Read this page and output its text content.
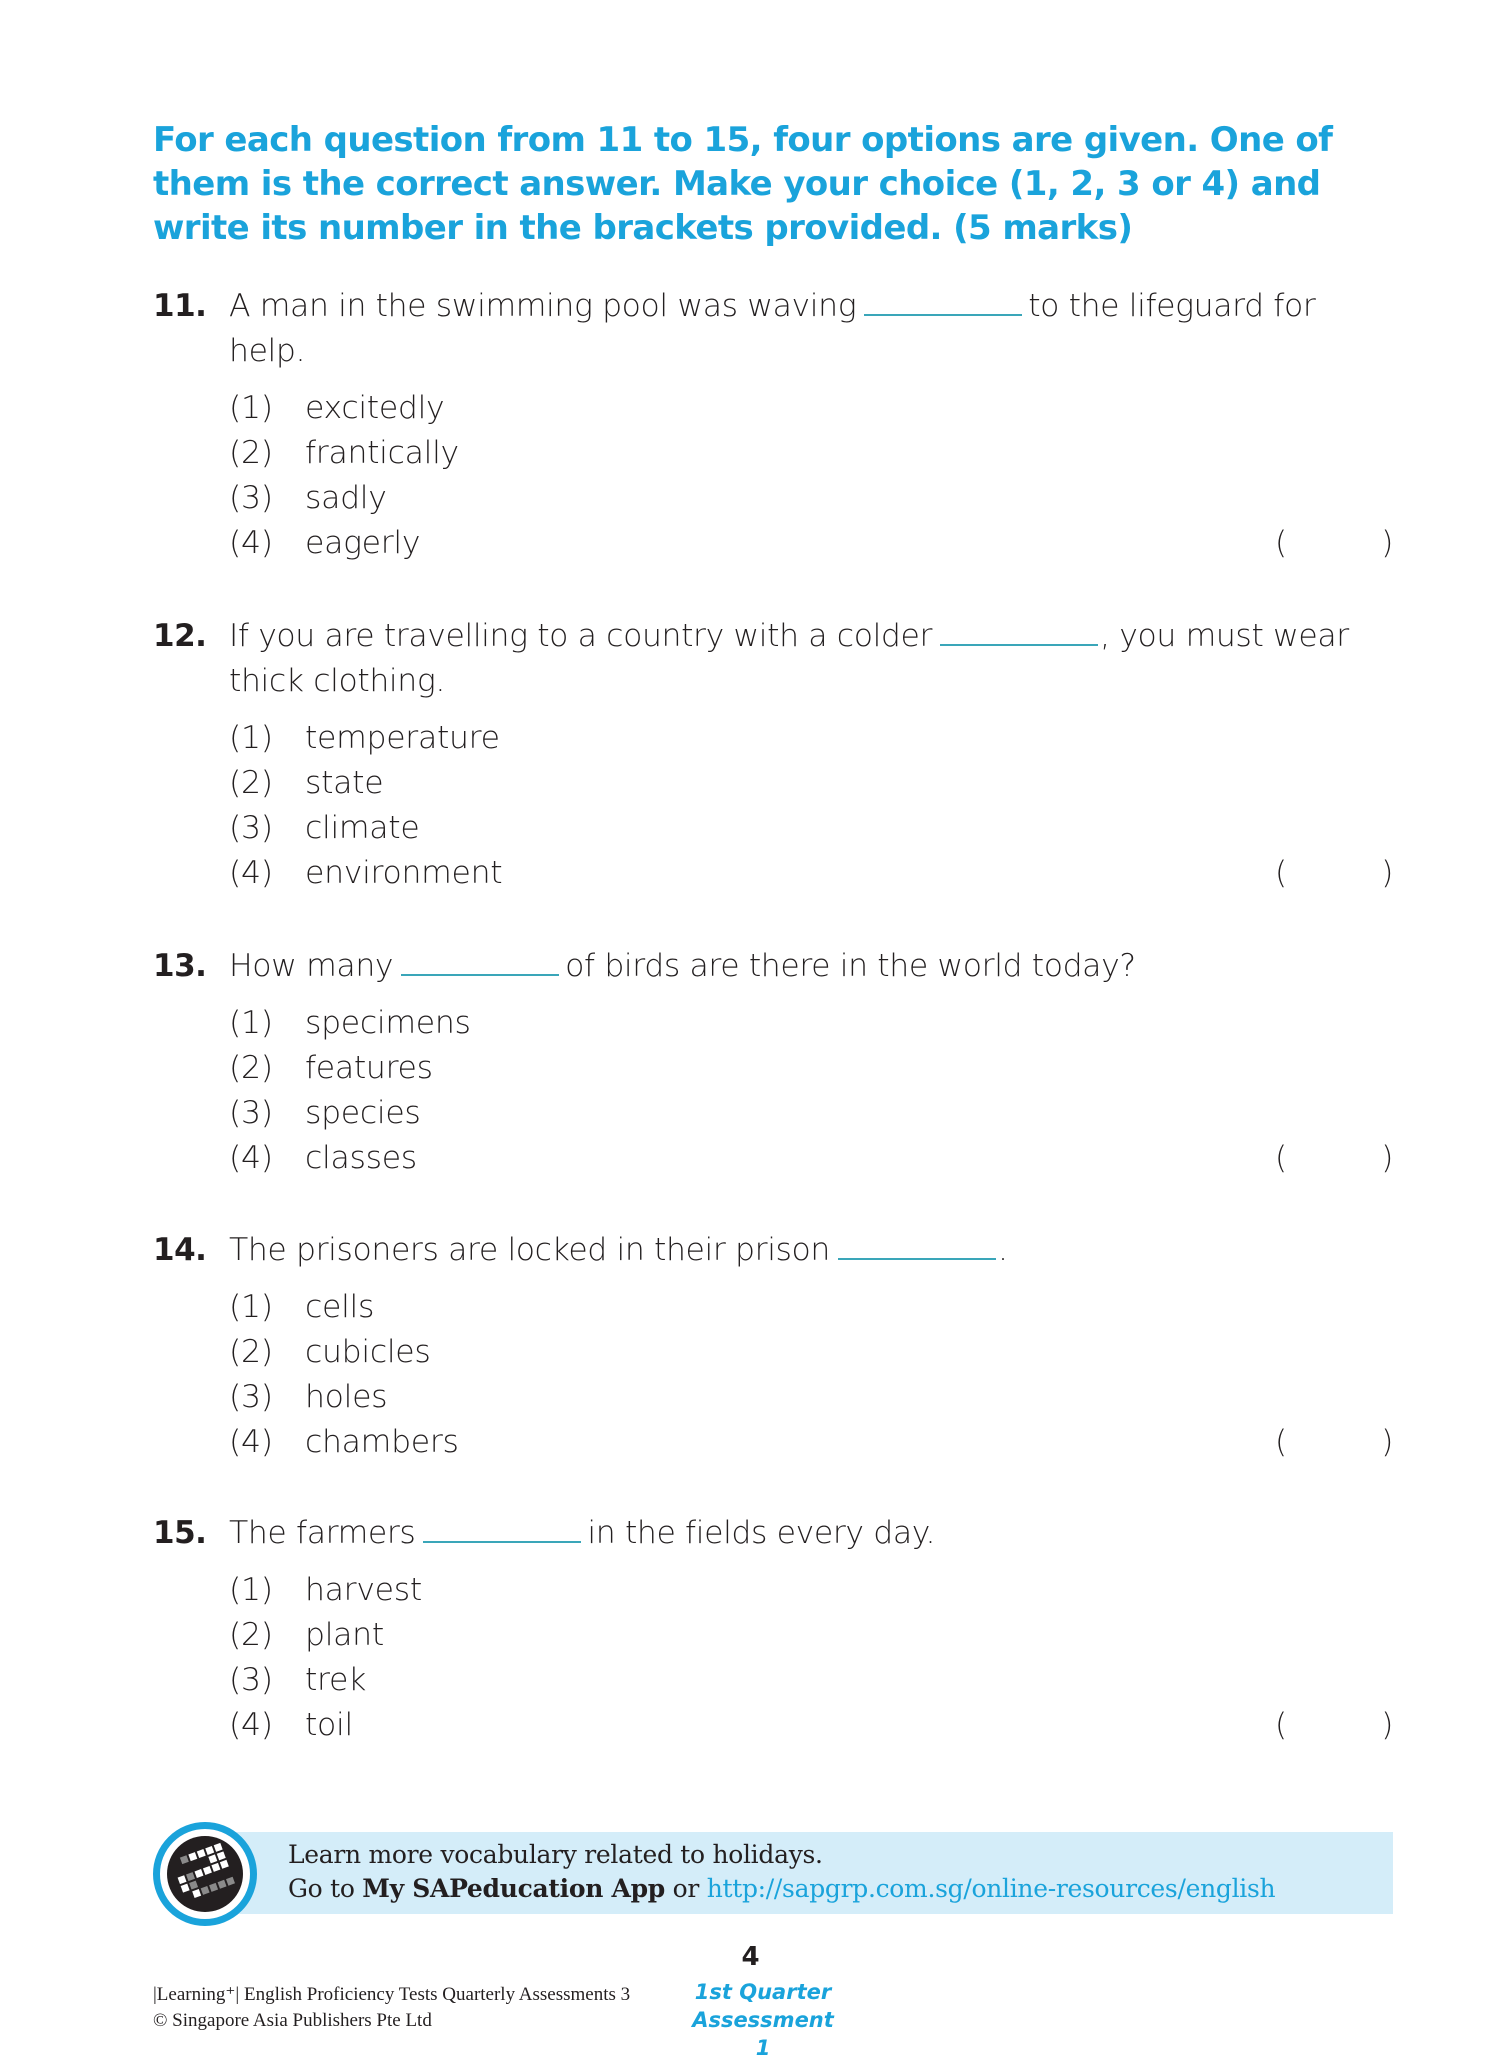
For each question from 11 to 15, four options are given. One of them is the correct answer. Make your choice (1, 2, 3 or 4) and write its number in the brackets provided. (5 marks)
11. A man in the swimming pool was waving	to the lifeguard for help.
(1) excitedly
(2) frantically
(3) sadly
(4) eagerly	(	)
12. If you are travelling to a country with a colder	, you must wear thick clothing.
(1) temperature
(2) state
(3) climate
(4) environment	(	)
13. How many	of birds are there in the world today?
(1) specimens
(2) features
(3) species
(4) classes	(	)
14. The prisoners are locked in their prison	.
(1) cells
(2) cubicles
(3) holes
(4) chambers	(	)
15. The farmers	in the fields every day.
(1) harvest
(2) plant
(3) trek
(4) toil	(	)
Learn more vocabulary related to holidays.
Go to My SAPeducation App or http://sapgrp.com.sg/online-resources/english
4
|Learning⁺| English Proficiency Tests Quarterly Assessments 3
© Singapore Asia Publishers Pte Ltd
1st Quarter
Assessment 1
